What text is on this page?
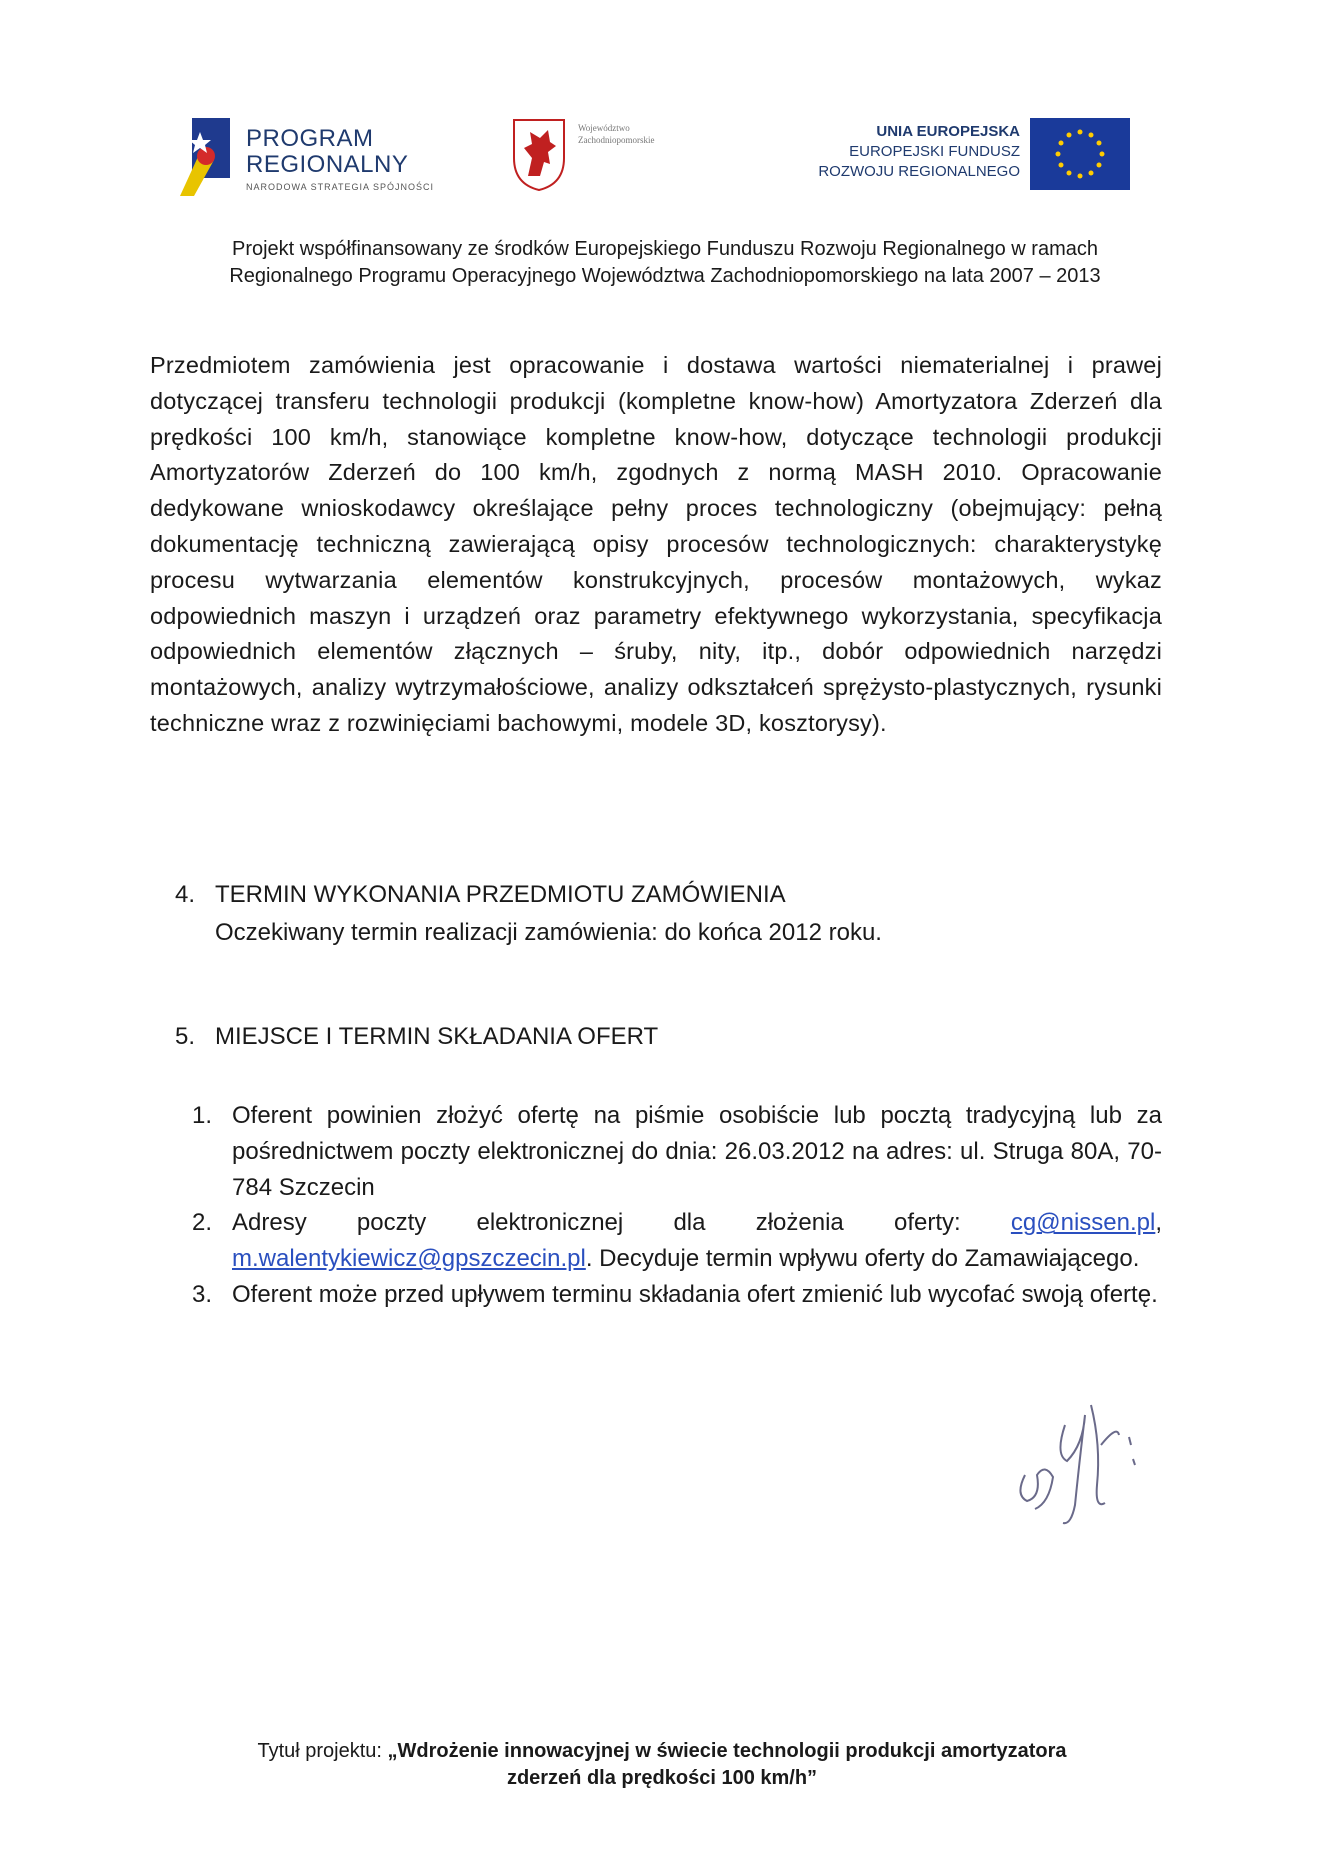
PROGRAM
REGIONALNY
NARODOWA STRATEGIA SPÓJNOŚCI
Województwo
Zachodniopomorskie	UNIA EUROPEJSKA
EUROPEJSKI FUNDUSZ
ROZWOJU REGIONALNEGO
Projekt współfinansowany ze środków Europejskiego Funduszu Rozwoju Regionalnego w ramach
Regionalnego Programu Operacyjnego Województwa Zachodniopomorskiego na lata 2007 – 2013
Przedmiotem zamówienia jest opracowanie i dostawa wartości niematerialnej i prawej dotyczącej transferu technologii produkcji (kompletne know-how) Amortyzatora Zderzeń dla prędkości 100 km/h, stanowiące kompletne know-how, dotyczące technologii produkcji Amortyzatorów Zderzeń do 100 km/h, zgodnych z normą MASH 2010. Opracowanie dedykowane wnioskodawcy określające pełny proces technologiczny (obejmujący: pełną dokumentację techniczną zawierającą opisy procesów technologicznych: charakterystykę procesu wytwarzania elementów konstrukcyjnych, procesów montażowych, wykaz odpowiednich maszyn i urządzeń oraz parametry efektywnego wykorzystania, specyfikacja odpowiednich elementów złącznych – śruby, nity, itp., dobór odpowiednich narzędzi montażowych, analizy wytrzymałościowe, analizy odkształceń sprężysto-plastycznych, rysunki techniczne wraz z rozwinięciami bachowymi, modele 3D, kosztorysy).
4. TERMIN WYKONANIA PRZEDMIOTU ZAMÓWIENIA
Oczekiwany termin realizacji zamówienia: do końca 2012 roku.
5. MIEJSCE I TERMIN SKŁADANIA OFERT
1. Oferent powinien złożyć ofertę na piśmie osobiście lub pocztą tradycyjną lub za pośrednictwem poczty elektronicznej do dnia: 26.03.2012 na adres: ul. Struga 80A, 70-784 Szczecin
2. Adresy poczty elektronicznej dla złożenia oferty: cg@nissen.pl, m.walentykiewicz@gpszczecin.pl. Decyduje termin wpływu oferty do Zamawiającego.
3. Oferent może przed upływem terminu składania ofert zmienić lub wycofać swoją ofertę.
Tytuł projektu: „Wdrożenie innowacyjnej w świecie technologii produkcji amortyzatora
zderzeń dla prędkości 100 km/h”
